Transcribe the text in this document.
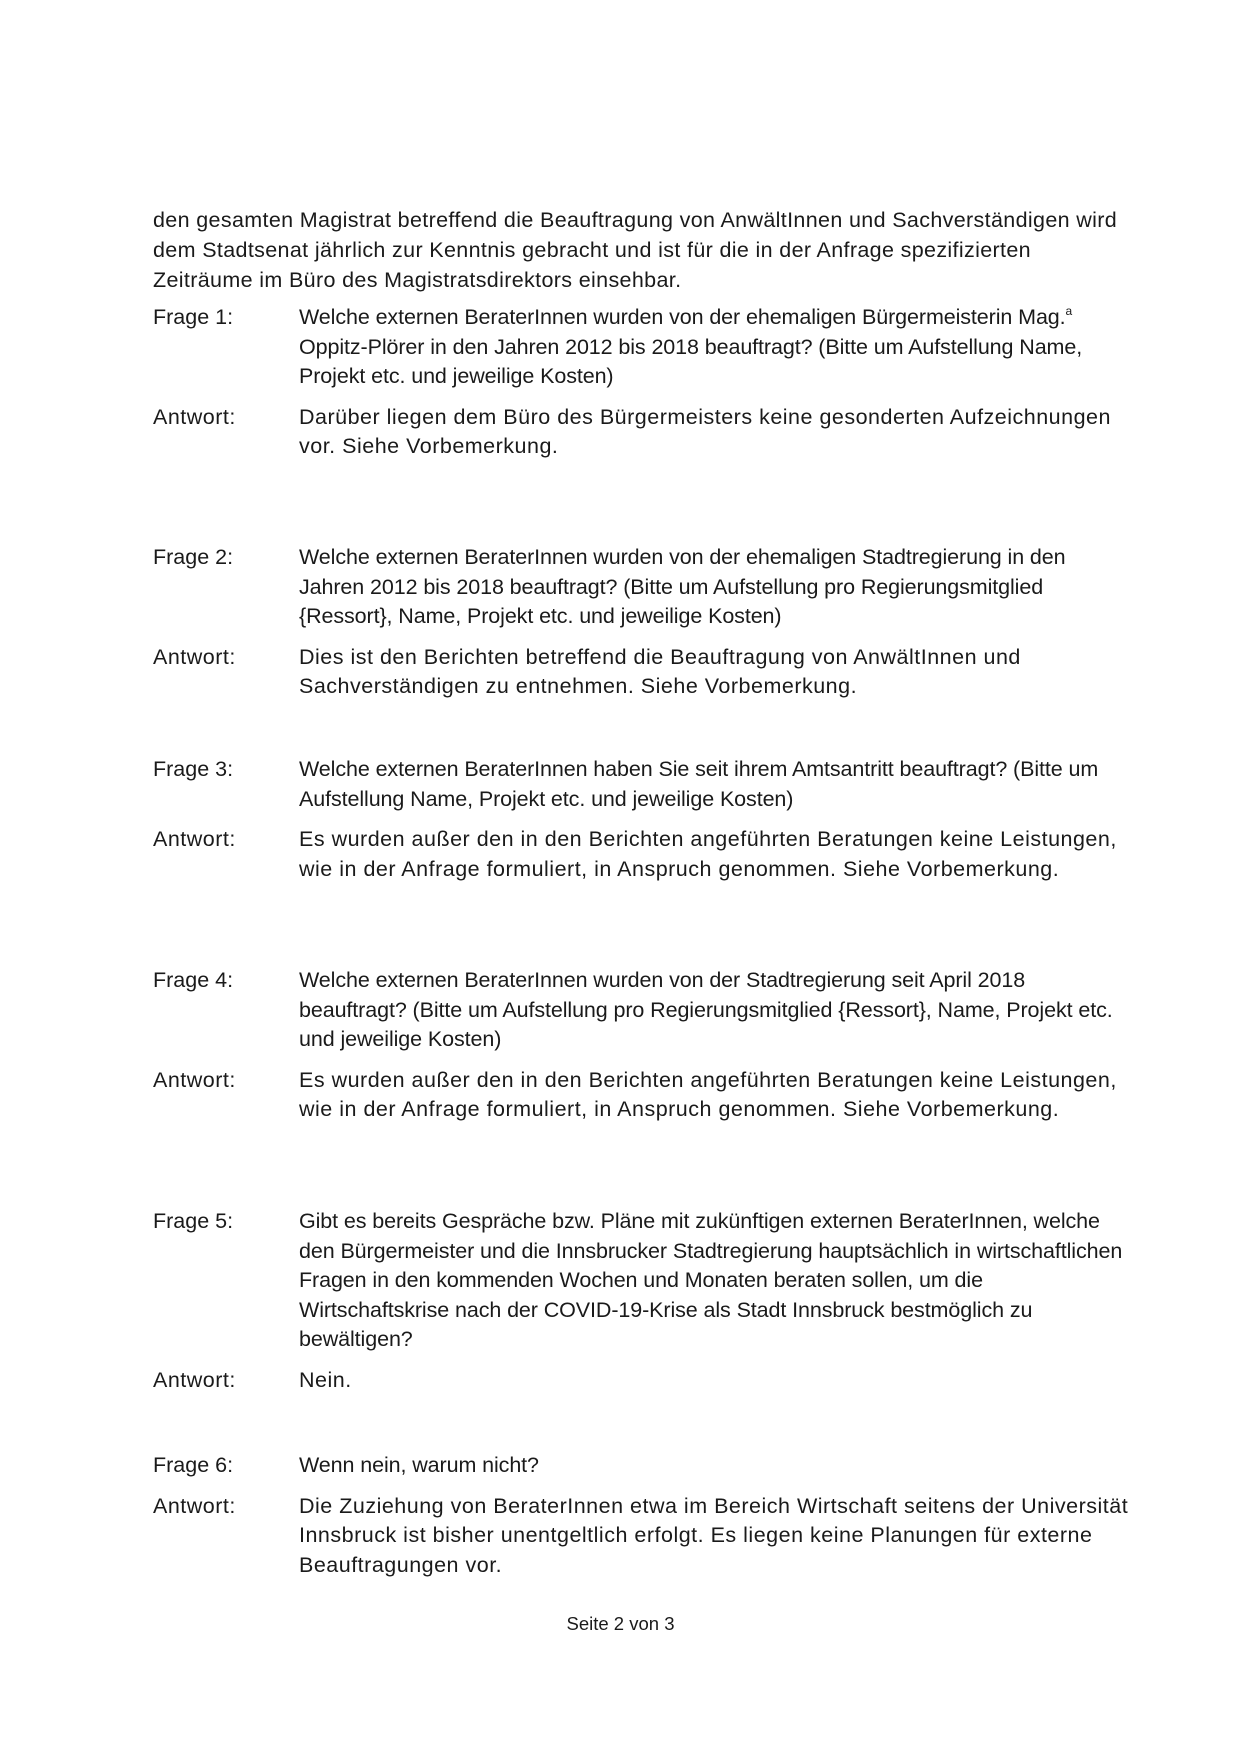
den gesamten Magistrat betreffend die Beauftragung von AnwältInnen und Sachverständigen wird dem Stadtsenat jährlich zur Kenntnis gebracht und ist für die in der Anfrage spezifizierten Zeiträume im Büro des Magistratsdirektors einsehbar.

Frage 1:	Welche externen BeraterInnen wurden von der ehemaligen Bürgermeisterin Mag.$^a$ Oppitz-Plörer in den Jahren 2012 bis 2018 beauftragt? (Bitte um Aufstellung Name, Projekt etc. und jeweilige Kosten)

Antwort:	Darüber liegen dem Büro des Bürgermeisters keine gesonderten Aufzeichnungen vor. Siehe Vorbemerkung.

Frage 2:	Welche externen BeraterInnen wurden von der ehemaligen Stadtregierung in den Jahren 2012 bis 2018 beauftragt? (Bitte um Aufstellung pro Regierungsmitglied {Ressort}, Name, Projekt etc. und jeweilige Kosten)

Antwort:	Dies ist den Berichten betreffend die Beauftragung von AnwältInnen und Sachverständigen zu entnehmen. Siehe Vorbemerkung.

Frage 3:	Welche externen BeraterInnen haben Sie seit ihrem Amtsantritt beauftragt? (Bitte um Aufstellung Name, Projekt etc. und jeweilige Kosten)

Antwort:	Es wurden außer den in den Berichten angeführten Beratungen keine Leistungen, wie in der Anfrage formuliert, in Anspruch genommen. Siehe Vorbemerkung.

Frage 4:	Welche externen BeraterInnen wurden von der Stadtregierung seit April 2018 beauftragt? (Bitte um Aufstellung pro Regierungsmitglied {Ressort}, Name, Projekt etc. und jeweilige Kosten)

Antwort:	Es wurden außer den in den Berichten angeführten Beratungen keine Leistungen, wie in der Anfrage formuliert, in Anspruch genommen. Siehe Vorbemerkung.

Frage 5:	Gibt es bereits Gespräche bzw. Pläne mit zukünftigen externen BeraterInnen, welche den Bürgermeister und die Innsbrucker Stadtregierung hauptsächlich in wirtschaftlichen Fragen in den kommenden Wochen und Monaten beraten sollen, um die Wirtschaftskrise nach der COVID-19-Krise als Stadt Innsbruck bestmöglich zu bewältigen?

Antwort:	Nein.

Frage 6:	Wenn nein, warum nicht?

Antwort:	Die Zuziehung von BeraterInnen etwa im Bereich Wirtschaft seitens der Universität Innsbruck ist bisher unentgeltlich erfolgt. Es liegen keine Planungen für externe Beauftragungen vor.

Seite 2 von 3
